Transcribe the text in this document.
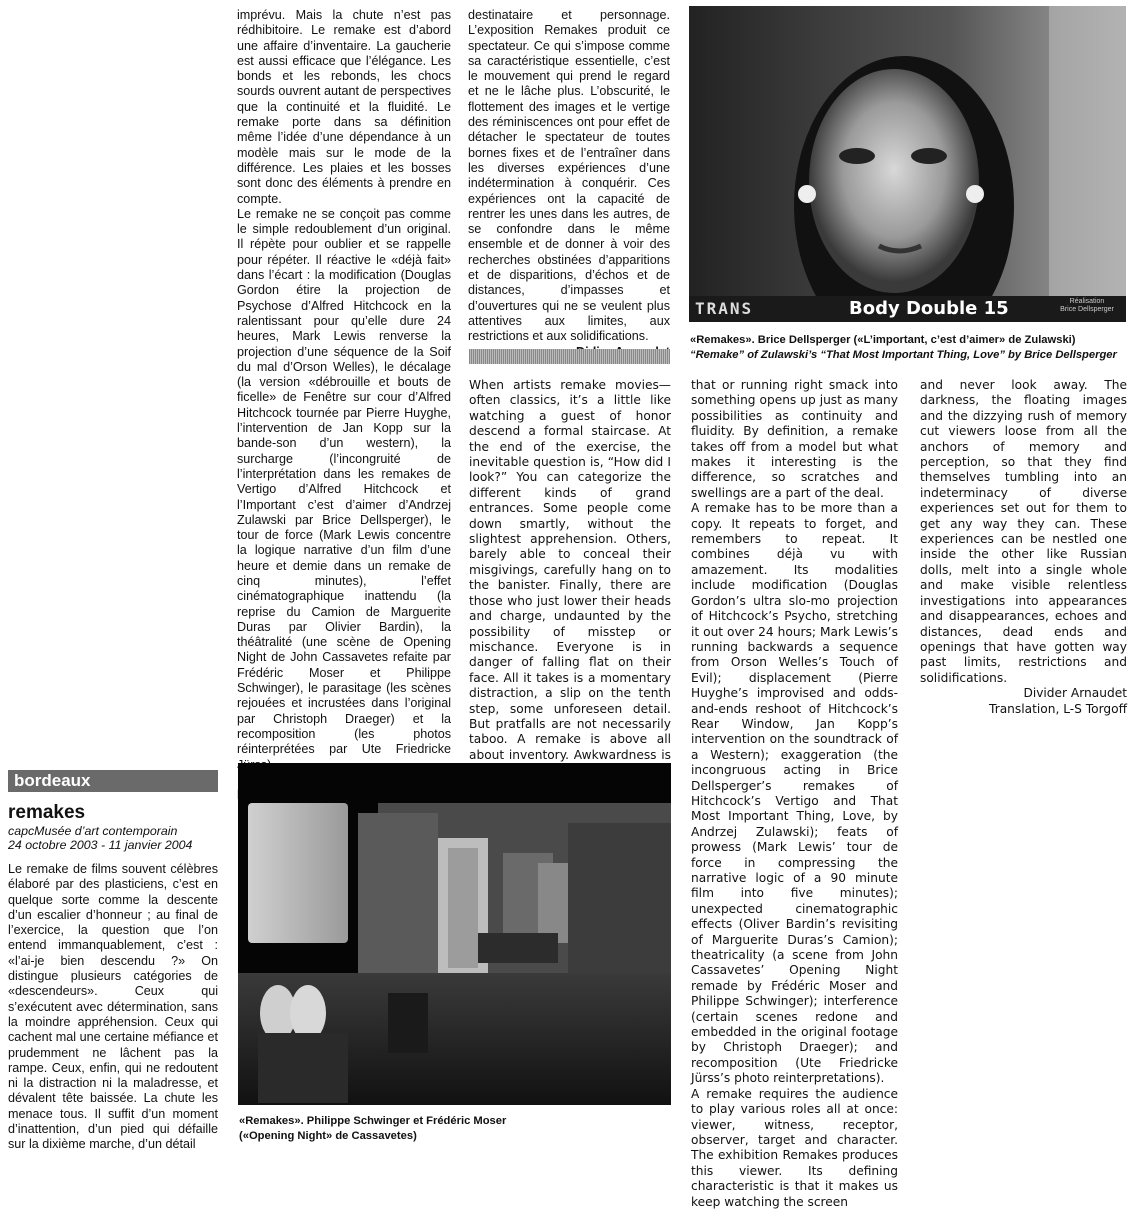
imprévu. Mais la chute n’est pas rédhibitoire. Le remake est d’abord une affaire d’inventaire. La gaucherie est aussi efficace que l’élégance. Les bonds et les rebonds, les chocs sourds ouvrent autant de perspectives que la continuité et la fluidité. Le remake porte dans sa définition même l’idée d’une dépendance à un modèle mais sur le mode de la différence. Les plaies et les bosses sont donc des éléments à prendre en compte.

Le remake ne se conçoit pas comme le simple redoublement d’un original. Il répète pour oublier et se rappelle pour répéter. Il réactive le «déjà fait» dans l’écart : la modification (Douglas Gordon étire la projection de Psychose d’Alfred Hitchcock en la ralentissant pour qu’elle dure 24 heures, Mark Lewis renverse la projection d’une séquence de la Soif du mal d’Orson Welles), le décalage (la version «débrouille et bouts de ficelle» de Fenêtre sur cour d’Alfred Hitchcock tournée par Pierre Huyghe, l’intervention de Jan Kopp sur la bande-son d’un western), la surcharge (l’incongruité de l’interprétation dans les remakes de Vertigo d’Alfred Hitchcock et l’Important c’est d’aimer d’Andrzej Zulawski par Brice Dellsperger), le tour de force (Mark Lewis concentre la logique narrative d’un film d’une heure et demie dans un remake de cinq minutes), l’effet cinématographique inattendu (la reprise du Camion de Marguerite Duras par Olivier Bardin), la théâtralité (une scène de Opening Night de John Cassavetes refaite par Frédéric Moser et Philippe Schwinger), le parasitage (les scènes rejouées et incrustées dans l’original par Christoph Draeger) et la recomposition (les photos réinterprétées par Ute Friedricke

destinataire et personnage. L’exposition Remakes produit ce spectateur. Ce qui s’impose comme sa caractéristique essentielle, c’est le mouvement qui prend le regard et ne le lâche plus. L’obscurité, le flottement des images et le vertige des réminiscences ont pour effet de détacher le spectateur de toutes bornes fixes et de l’entraîner dans les diverses expériences d’une indétermination à conquérir. Ces expériences ont la capacité de rentrer les unes dans les autres, de se confondre dans le même ensemble et de donner à voir des recherches obstinées d’apparitions et de disparitions, d’échos et de distances, d’impasses et d’ouvertures qui ne se veulent plus attentives aux limites, aux restrictions et aux solidifications.

TRANS	Body Double 15	Réalisation
Brice Dellsperger
«Remakes». Brice Dellsperger («L’important, c’est d’aimer» de Zulawski)
“Remake” of Zulawski’s “That Most Important Thing, Love” by Brice Dellsperger

When artists remake movies—often classics, it’s a little like watching a guest of honor descend a formal staircase. At the end of the exercise, the inevitable question is, “How did I look?” You can categorize the different kinds of grand entrances. Some people come down smartly, without the slightest apprehension. Others, barely able to conceal their misgivings, carefully hang on to the banister. Finally, there are those who just lower their heads and charge, undaunted by the possibility of misstep or mischance. Everyone is in danger of falling flat on their face. All it takes is a momentary distraction, a slip on the tenth step, some unforeseen detail. But pratfalls are not necessarily taboo. A remake is above all about inventory. Awkwardness is

that or running right smack into something opens up just as many possibilities as continuity and fluidity. By definition, a remake takes off from a model but what makes it interesting is the difference, so scratches and swellings are a part of the deal.

A remake has to be more than a copy. It repeats to forget, and remembers to repeat. It combines déjà vu with amazement. Its modalities include modification (Douglas Gordon’s ultra slo-mo projection of Hitchcock’s Psycho, stretching it out over 24 hours; Mark Lewis’s running backwards a sequence from Orson Welles’s Touch of Evil); displacement (Pierre Huyghe’s improvised and odds-and-ends reshoot of Hitchcock’s Rear Window, Jan Kopp’s intervention on the soundtrack of a Western); exaggeration (the incongruous acting in Brice Dellsperger’s remakes of Hitchcock’s Vertigo and That Most Important Thing, Love, by Andrzej Zulawski); feats of prowess (Mark Lewis’ tour de force in compressing the narrative logic of a 90 minute film into five minutes); unexpected cinematographic effects (Oliver Bardin’s revisiting of Marguerite Duras’s Camion); theatricality (a scene from John Cassavetes’ Opening Night remade by Frédéric Moser and Philippe Schwinger); interference (certain scenes redone and embedded in the original footage by Christoph Draeger); and recomposition (Ute Friedricke Jürss’s photo reinterpretations).

A remake requires the audience to play various roles all at once: viewer, witness, receptor, observer, target and character. The exhibition Remakes produces this viewer. Its defining characteristic is that it makes us keep watching the screen

and never look away. The darkness, the floating images and the dizzying rush of memory cut viewers loose from all the anchors of memory and perception, so that they find themselves tumbling into an indeterminacy of diverse experiences set out for them to get any way they can. These experiences can be nestled one inside the other like Russian dolls, melt into a single whole and make visible relentless investigations into appearances and disappearances, echoes and distances, dead ends and openings that have gotten way past limits, restrictions and solidifications.

Divider Arnaudet

Translation, L-S Torgoff

bordeaux
remakes
capcMusée d’art contemporain
24 octobre 2003 - 11 janvier 2004

Le remake de films souvent célèbres élaboré par des plasticiens, c’est en quelque sorte comme la descente d’un escalier d’honneur ; au final de l’exercice, la question que l’on entend immanquablement, c’est : «l’ai-je bien descendu ?» On distingue plusieurs catégories de «descendeurs». Ceux qui s’exécutent avec détermination, sans la moindre appréhension. Ceux qui cachent mal une certaine méfiance et prudemment ne lâchent pas la rampe. Ceux, enfin, qui ne redoutent ni la distraction ni la maladresse, et dévalent tête baissée. La chute les menace tous. Il suffit d’un moment d’inattention, d’un pied qui défaille sur la dixième marche, d’un détail

«Remakes». Philippe Schwinger et Frédéric Moser
(«Opening Night» de Cassavetes)
